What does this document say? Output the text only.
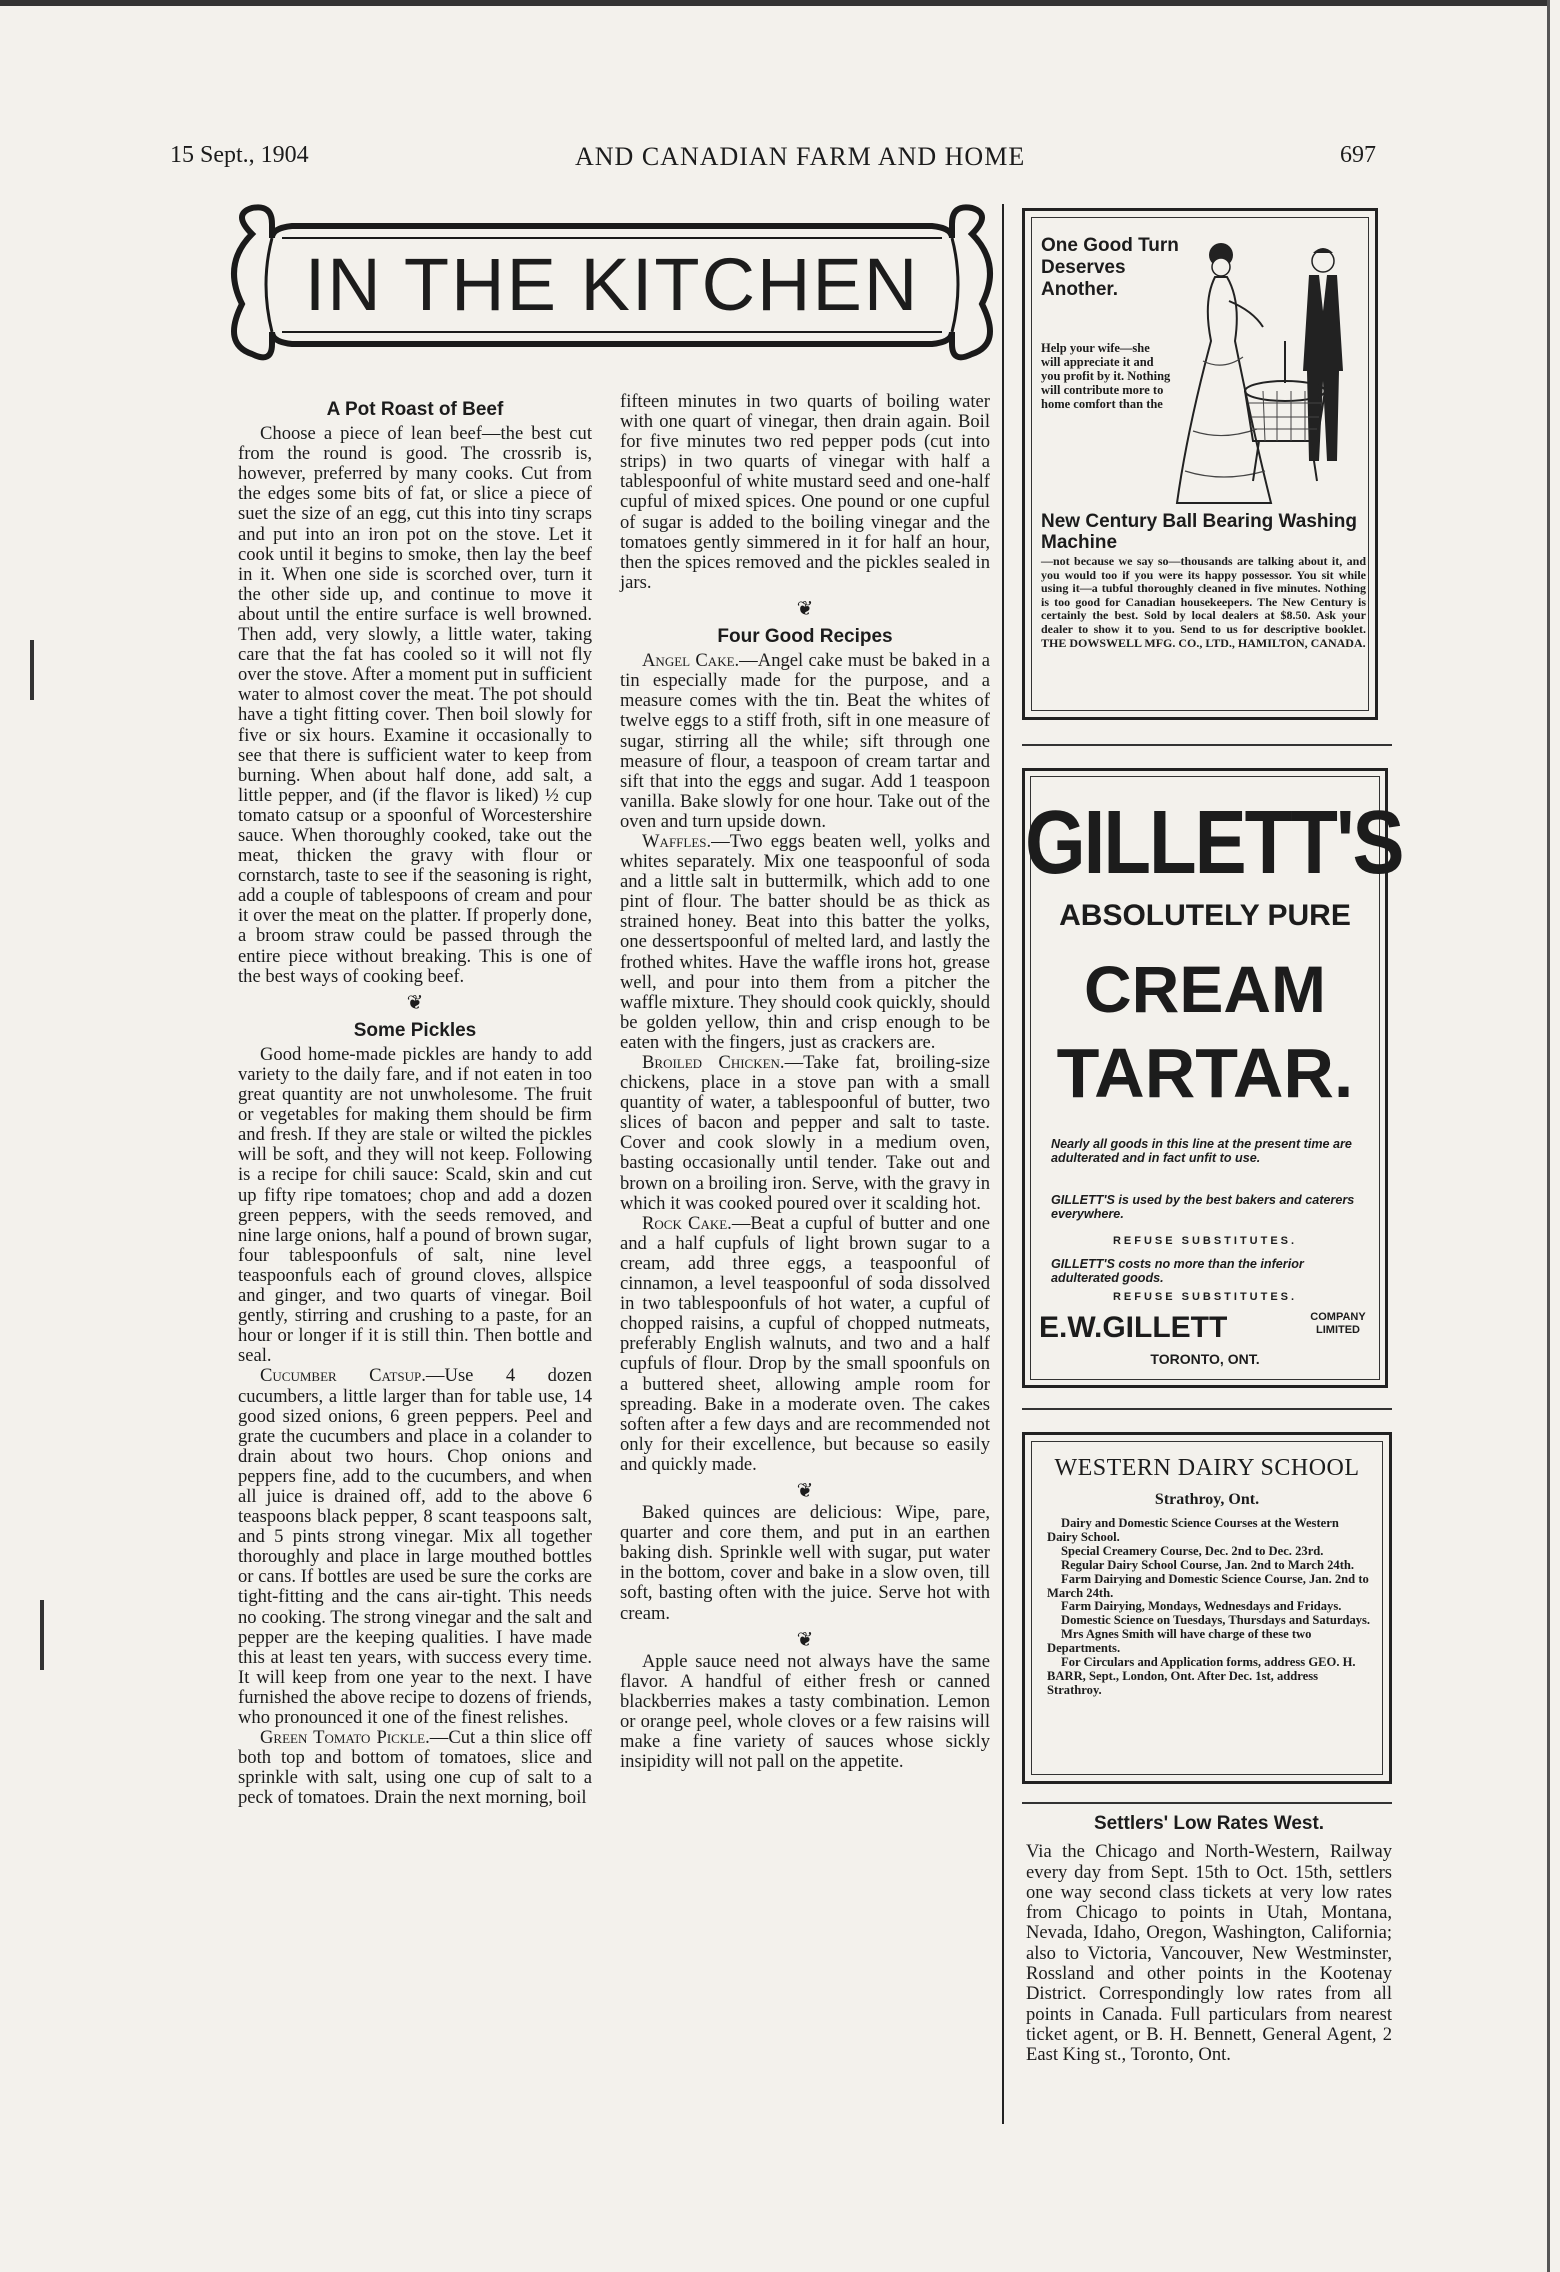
15 Sept., 1904	AND CANADIAN FARM AND HOME	697
IN THE KITCHEN
A Pot Roast of Beef

Choose a piece of lean beef—the best cut from the round is good. The crossrib is, however, preferred by many cooks. Cut from the edges some bits of fat, or slice a piece of suet the size of an egg, cut this into tiny scraps and put into an iron pot on the stove. Let it cook until it begins to smoke, then lay the beef in it. When one side is scorched over, turn it the other side up, and continue to move it about until the entire surface is well browned. Then add, very slowly, a little water, taking care that the fat has cooled so it will not fly over the stove. After a moment put in sufficient water to almost cover the meat. The pot should have a tight fitting cover. Then boil slowly for five or six hours. Examine it occasionally to see that there is sufficient water to keep from burning. When about half done, add salt, a little pepper, and (if the flavor is liked) ½ cup tomato catsup or a spoonful of Worcestershire sauce. When thoroughly cooked, take out the meat, thicken the gravy with flour or cornstarch, taste to see if the seasoning is right, add a couple of tablespoons of cream and pour it over the meat on the platter. If properly done, a broom straw could be passed through the entire piece without breaking. This is one of the best ways of cooking beef.

❦
Some Pickles

Good home-made pickles are handy to add variety to the daily fare, and if not eaten in too great quantity are not unwholesome. The fruit or vegetables for making them should be firm and fresh. If they are stale or wilted the pickles will be soft, and they will not keep. Following is a recipe for chili sauce: Scald, skin and cut up fifty ripe tomatoes; chop and add a dozen green peppers, with the seeds removed, and nine large onions, half a pound of brown sugar, four tablespoonfuls of salt, nine level teaspoonfuls each of ground cloves, allspice and ginger, and two quarts of vinegar. Boil gently, stirring and crushing to a paste, for an hour or longer if it is still thin. Then bottle and seal.

Cucumber Catsup.—Use 4 dozen cucumbers, a little larger than for table use, 14 good sized onions, 6 green peppers. Peel and grate the cucumbers and place in a colander to drain about two hours. Chop onions and peppers fine, add to the cucumbers, and when all juice is drained off, add to the above 6 teaspoons black pepper, 8 scant teaspoons salt, and 5 pints strong vinegar. Mix all together thoroughly and place in large mouthed bottles or cans. If bottles are used be sure the corks are tight-fitting and the cans air-tight. This needs no cooking. The strong vinegar and the salt and pepper are the keeping qualities. I have made this at least ten years, with success every time. It will keep from one year to the next. I have furnished the above recipe to dozens of friends, who pronounced it one of the finest relishes.

Green Tomato Pickle.—Cut a thin slice off both top and bottom of tomatoes, slice and sprinkle with salt, using one cup of salt to a peck of tomatoes. Drain the next morning, boil

fifteen minutes in two quarts of boiling water with one quart of vinegar, then drain again. Boil for five minutes two red pepper pods (cut into strips) in two quarts of vinegar with half a tablespoonful of white mustard seed and one-half cupful of mixed spices. One pound or one cupful of sugar is added to the boiling vinegar and the tomatoes gently simmered in it for half an hour, then the spices removed and the pickles sealed in jars.

❦
Four Good Recipes

Angel Cake.—Angel cake must be baked in a tin especially made for the purpose, and a measure comes with the tin. Beat the whites of twelve eggs to a stiff froth, sift in one measure of sugar, stirring all the while; sift through one measure of flour, a teaspoon of cream tartar and sift that into the eggs and sugar. Add 1 teaspoon vanilla. Bake slowly for one hour. Take out of the oven and turn upside down.

Waffles.—Two eggs beaten well, yolks and whites separately. Mix one teaspoonful of soda and a little salt in buttermilk, which add to one pint of flour. The batter should be as thick as strained honey. Beat into this batter the yolks, one dessertspoonful of melted lard, and lastly the frothed whites. Have the waffle irons hot, grease well, and pour into them from a pitcher the waffle mixture. They should cook quickly, should be golden yellow, thin and crisp enough to be eaten with the fingers, just as crackers are.

Broiled Chicken.—Take fat, broiling-size chickens, place in a stove pan with a small quantity of water, a tablespoonful of butter, two slices of bacon and pepper and salt to taste. Cover and cook slowly in a medium oven, basting occasionally until tender. Take out and brown on a broiling iron. Serve, with the gravy in which it was cooked poured over it scalding hot.

Rock Cake.—Beat a cupful of butter and one and a half cupfuls of light brown sugar to a cream, add three eggs, a teaspoonful of cinnamon, a level teaspoonful of soda dissolved in two tablespoonfuls of hot water, a cupful of chopped raisins, a cupful of chopped nutmeats, preferably English walnuts, and two and a half cupfuls of flour. Drop by the small spoonfuls on a buttered sheet, allowing ample room for spreading. Bake in a moderate oven. The cakes soften after a few days and are recommended not only for their excellence, but because so easily and quickly made.

❦

Baked quinces are delicious: Wipe, pare, quarter and core them, and put in an earthen baking dish. Sprinkle well with sugar, put water in the bottom, cover and bake in a slow oven, till soft, basting often with the juice. Serve hot with cream.

❦

Apple sauce need not always have the same flavor. A handful of either fresh or canned blackberries makes a tasty combination. Lemon or orange peel, whole cloves or a few raisins will make a fine variety of sauces whose sickly insipidity will not pall on the appetite.

One Good Turn Deserves Another.
Help your wife—she will appreciate it and you profit by it. Nothing will contribute more to home comfort than the
New Century Ball Bearing Washing Machine
—not because we say so—thousands are talking about it, and you would too if you were its happy possessor. You sit while using it—a tubful thoroughly cleaned in five minutes. Nothing is too good for Canadian housekeepers. The New Century is certainly the best. Sold by local dealers at $8.50. Ask your dealer to show it to you. Send to us for descriptive booklet. THE DOWSWELL MFG. CO., LTD., HAMILTON, CANADA.
GILLETT'S
ABSOLUTELY PURE
CREAM
TARTAR.
Nearly all goods in this line at the present time are adulterated and in fact unfit to use.
GILLETT'S is used by the best bakers and caterers everywhere.
REFUSE SUBSTITUTES.
GILLETT'S costs no more than the inferior adulterated goods.
REFUSE SUBSTITUTES.
E.W.GILLETT	COMPANY LIMITED
TORONTO, ONT.
WESTERN DAIRY SCHOOL
Strathroy, Ont.

Dairy and Domestic Science Courses at the Western Dairy School.

Special Creamery Course, Dec. 2nd to Dec. 23rd.

Regular Dairy School Course, Jan. 2nd to March 24th.

Farm Dairying and Domestic Science Course, Jan. 2nd to March 24th.

Farm Dairying, Mondays, Wednesdays and Fridays.

Domestic Science on Tuesdays, Thursdays and Saturdays.

Mrs Agnes Smith will have charge of these two Departments.

For Circulars and Application forms, address GEO. H. BARR, Sept., London, Ont. After Dec. 1st, address Strathroy.

Settlers' Low Rates West.
Via the Chicago and North-Western, Railway every day from Sept. 15th to Oct. 15th, settlers one way second class tickets at very low rates from Chicago to points in Utah, Montana, Nevada, Idaho, Oregon, Washington, California; also to Victoria, Vancouver, New Westminster, Rossland and other points in the Kootenay District. Correspondingly low rates from all points in Canada. Full particulars from nearest ticket agent, or B. H. Bennett, General Agent, 2 East King st., Toronto, Ont.
